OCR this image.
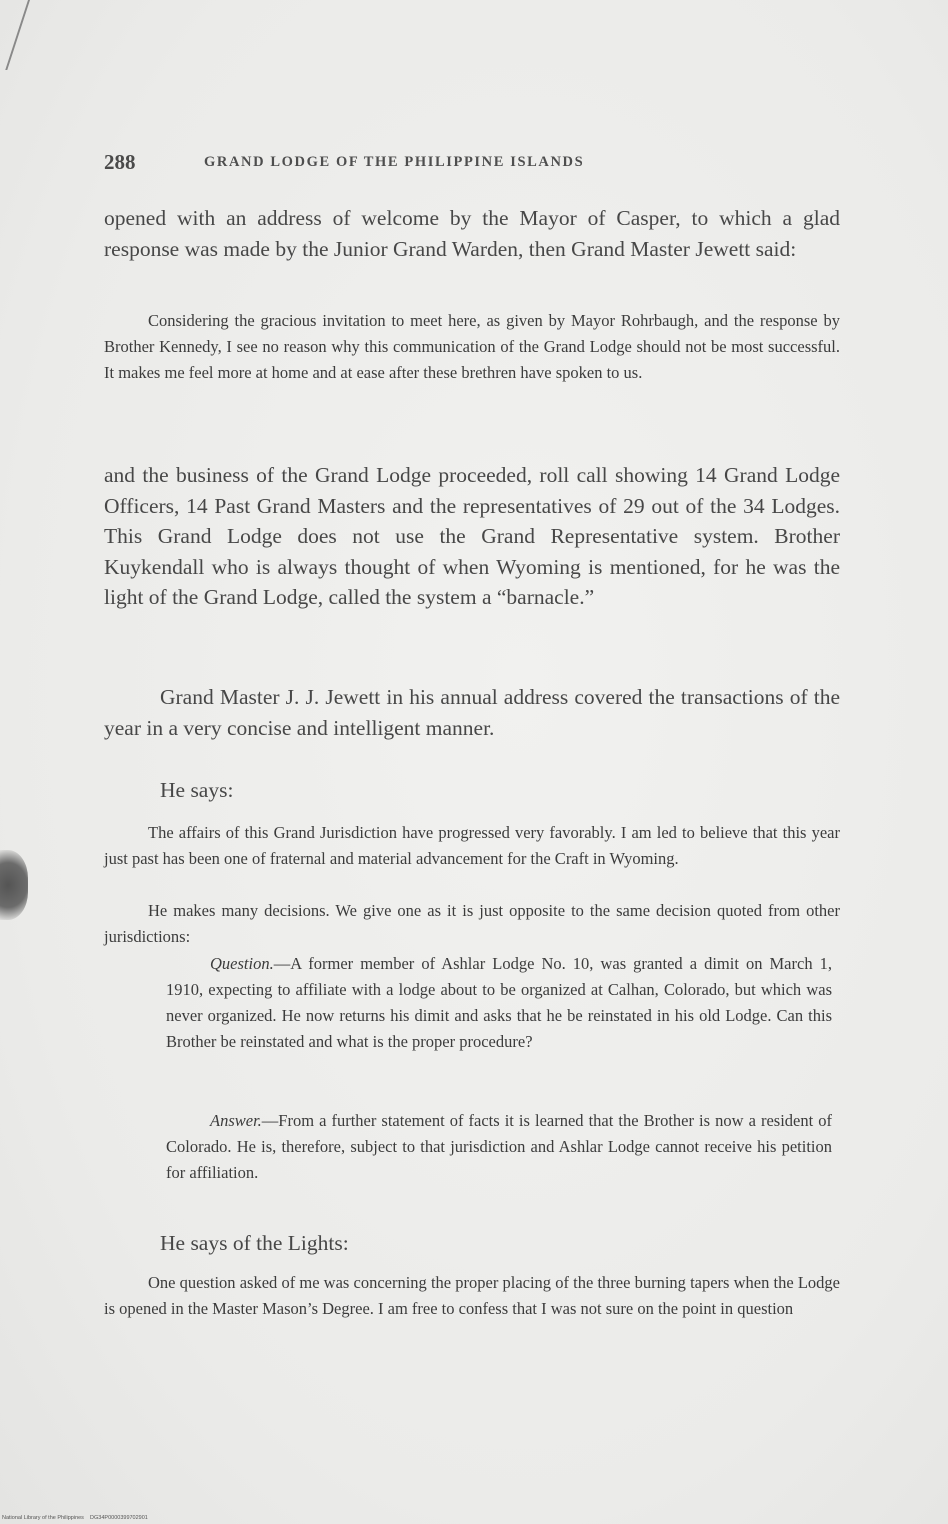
288	GRAND LODGE OF THE PHILIPPINE ISLANDS

opened with an address of welcome by the Mayor of Casper, to which a glad response was made by the Junior Grand Warden, then Grand Master Jewett said:

Considering the gracious invitation to meet here, as given by Mayor Rohrbaugh, and the response by Brother Kennedy, I see no reason why this communication of the Grand Lodge should not be most successful. It makes me feel more at home and at ease after these brethren have spoken to us.

and the business of the Grand Lodge proceeded, roll call showing 14 Grand Lodge Officers, 14 Past Grand Masters and the representatives of 29 out of the 34 Lodges. This Grand Lodge does not use the Grand Representative system. Brother Kuykendall who is always thought of when Wyoming is mentioned, for he was the light of the Grand Lodge, called the system a “barnacle.”

Grand Master J. J. Jewett in his annual address covered the transactions of the year in a very concise and intelligent manner.

He says:

The affairs of this Grand Jurisdiction have progressed very favorably. I am led to believe that this year just past has been one of fraternal and material advancement for the Craft in Wyoming.

He makes many decisions. We give one as it is just opposite to the same decision quoted from other jurisdictions:

Question.—A former member of Ashlar Lodge No. 10, was granted a dimit on March 1, 1910, expecting to affiliate with a lodge about to be organized at Calhan, Colorado, but which was never organized. He now returns his dimit and asks that he be reinstated in his old Lodge. Can this Brother be reinstated and what is the proper procedure?

Answer.—From a further statement of facts it is learned that the Brother is now a resident of Colorado. He is, therefore, subject to that jurisdiction and Ashlar Lodge cannot receive his petition for affiliation.

He says of the Lights:

One question asked of me was concerning the proper placing of the three burning tapers when the Lodge is opened in the Master Mason’s Degree. I am free to confess that I was not sure on the point in question

National Library of the Philippines    DG34P0000399702901
